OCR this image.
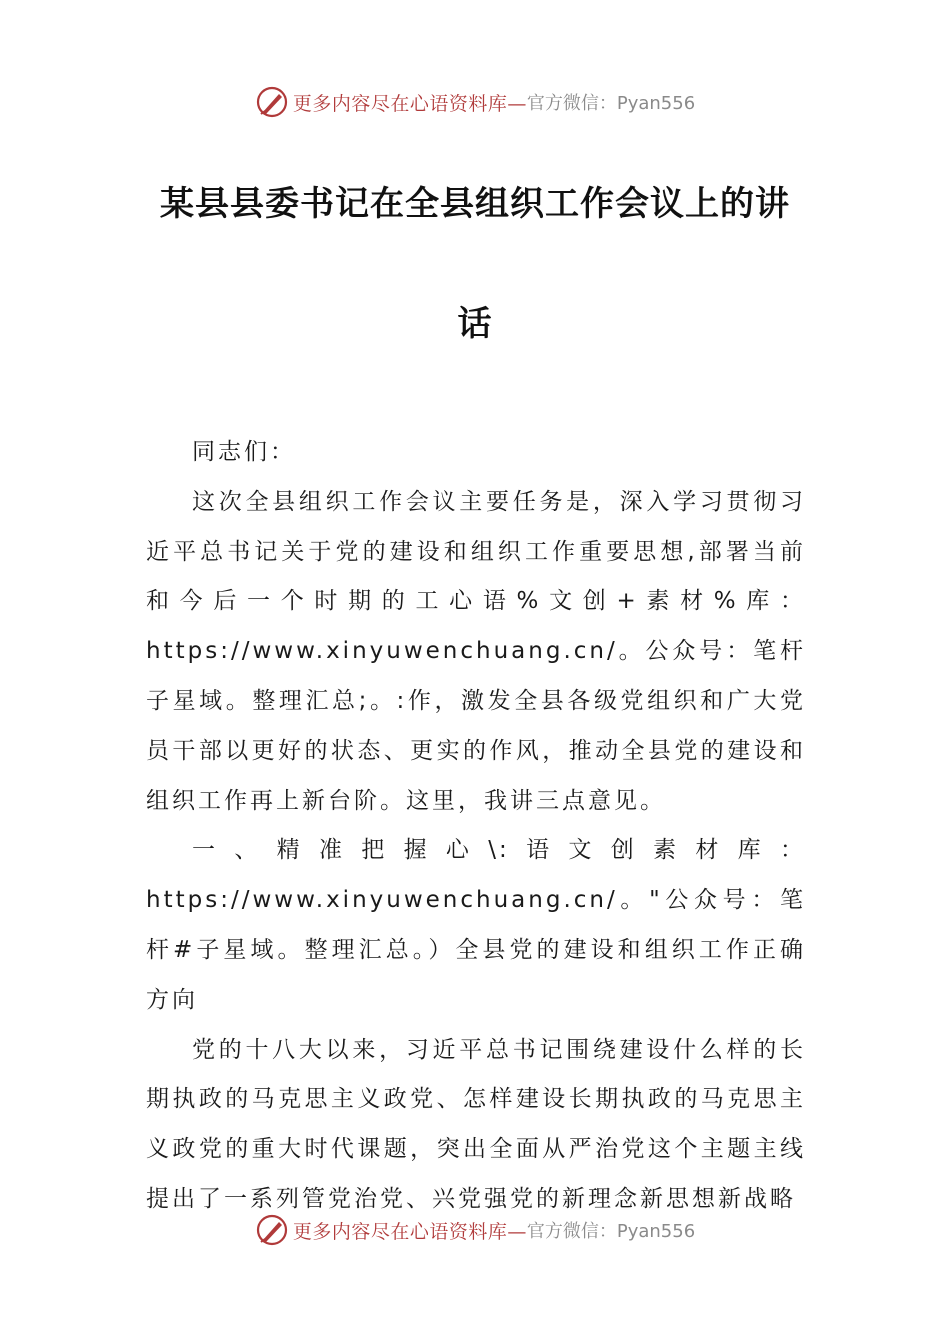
更多内容尽在心语资料库— 官方微信：Pyan556
某县县委书记在全县组织工作会议上的讲
话

同志们：

这次全县组织工作会议主要任务是，深入学习贯彻习近平总书记关于党的建设和组织工作重要思想,部署当前和今后一个时期的工心语%文创+素材%库：https://www.xinyuwenchuang.cn/。公众号：笔杆子星域。整理汇总;。:作，激发全县各级党组织和广大党员干部以更好的状态、更实的作风，推动全县党的建设和组织工作再上新台阶。这里，我讲三点意见。

一、精准把握心\:语文创素材库：https://www.xinyuwenchuang.cn/。"公众号：笔杆#子星域。整理汇总。）全县党的建设和组织工作正确方向

党的十八大以来，习近平总书记围绕建设什么样的长期执政的马克思主义政党、怎样建设长期执政的马克思主义政党的重大时代课题，突出全面从严治党这个主题主线提出了一系列管党治党、兴党强党的新理念新思想新战略

更多内容尽在心语资料库— 官方微信：Pyan556
